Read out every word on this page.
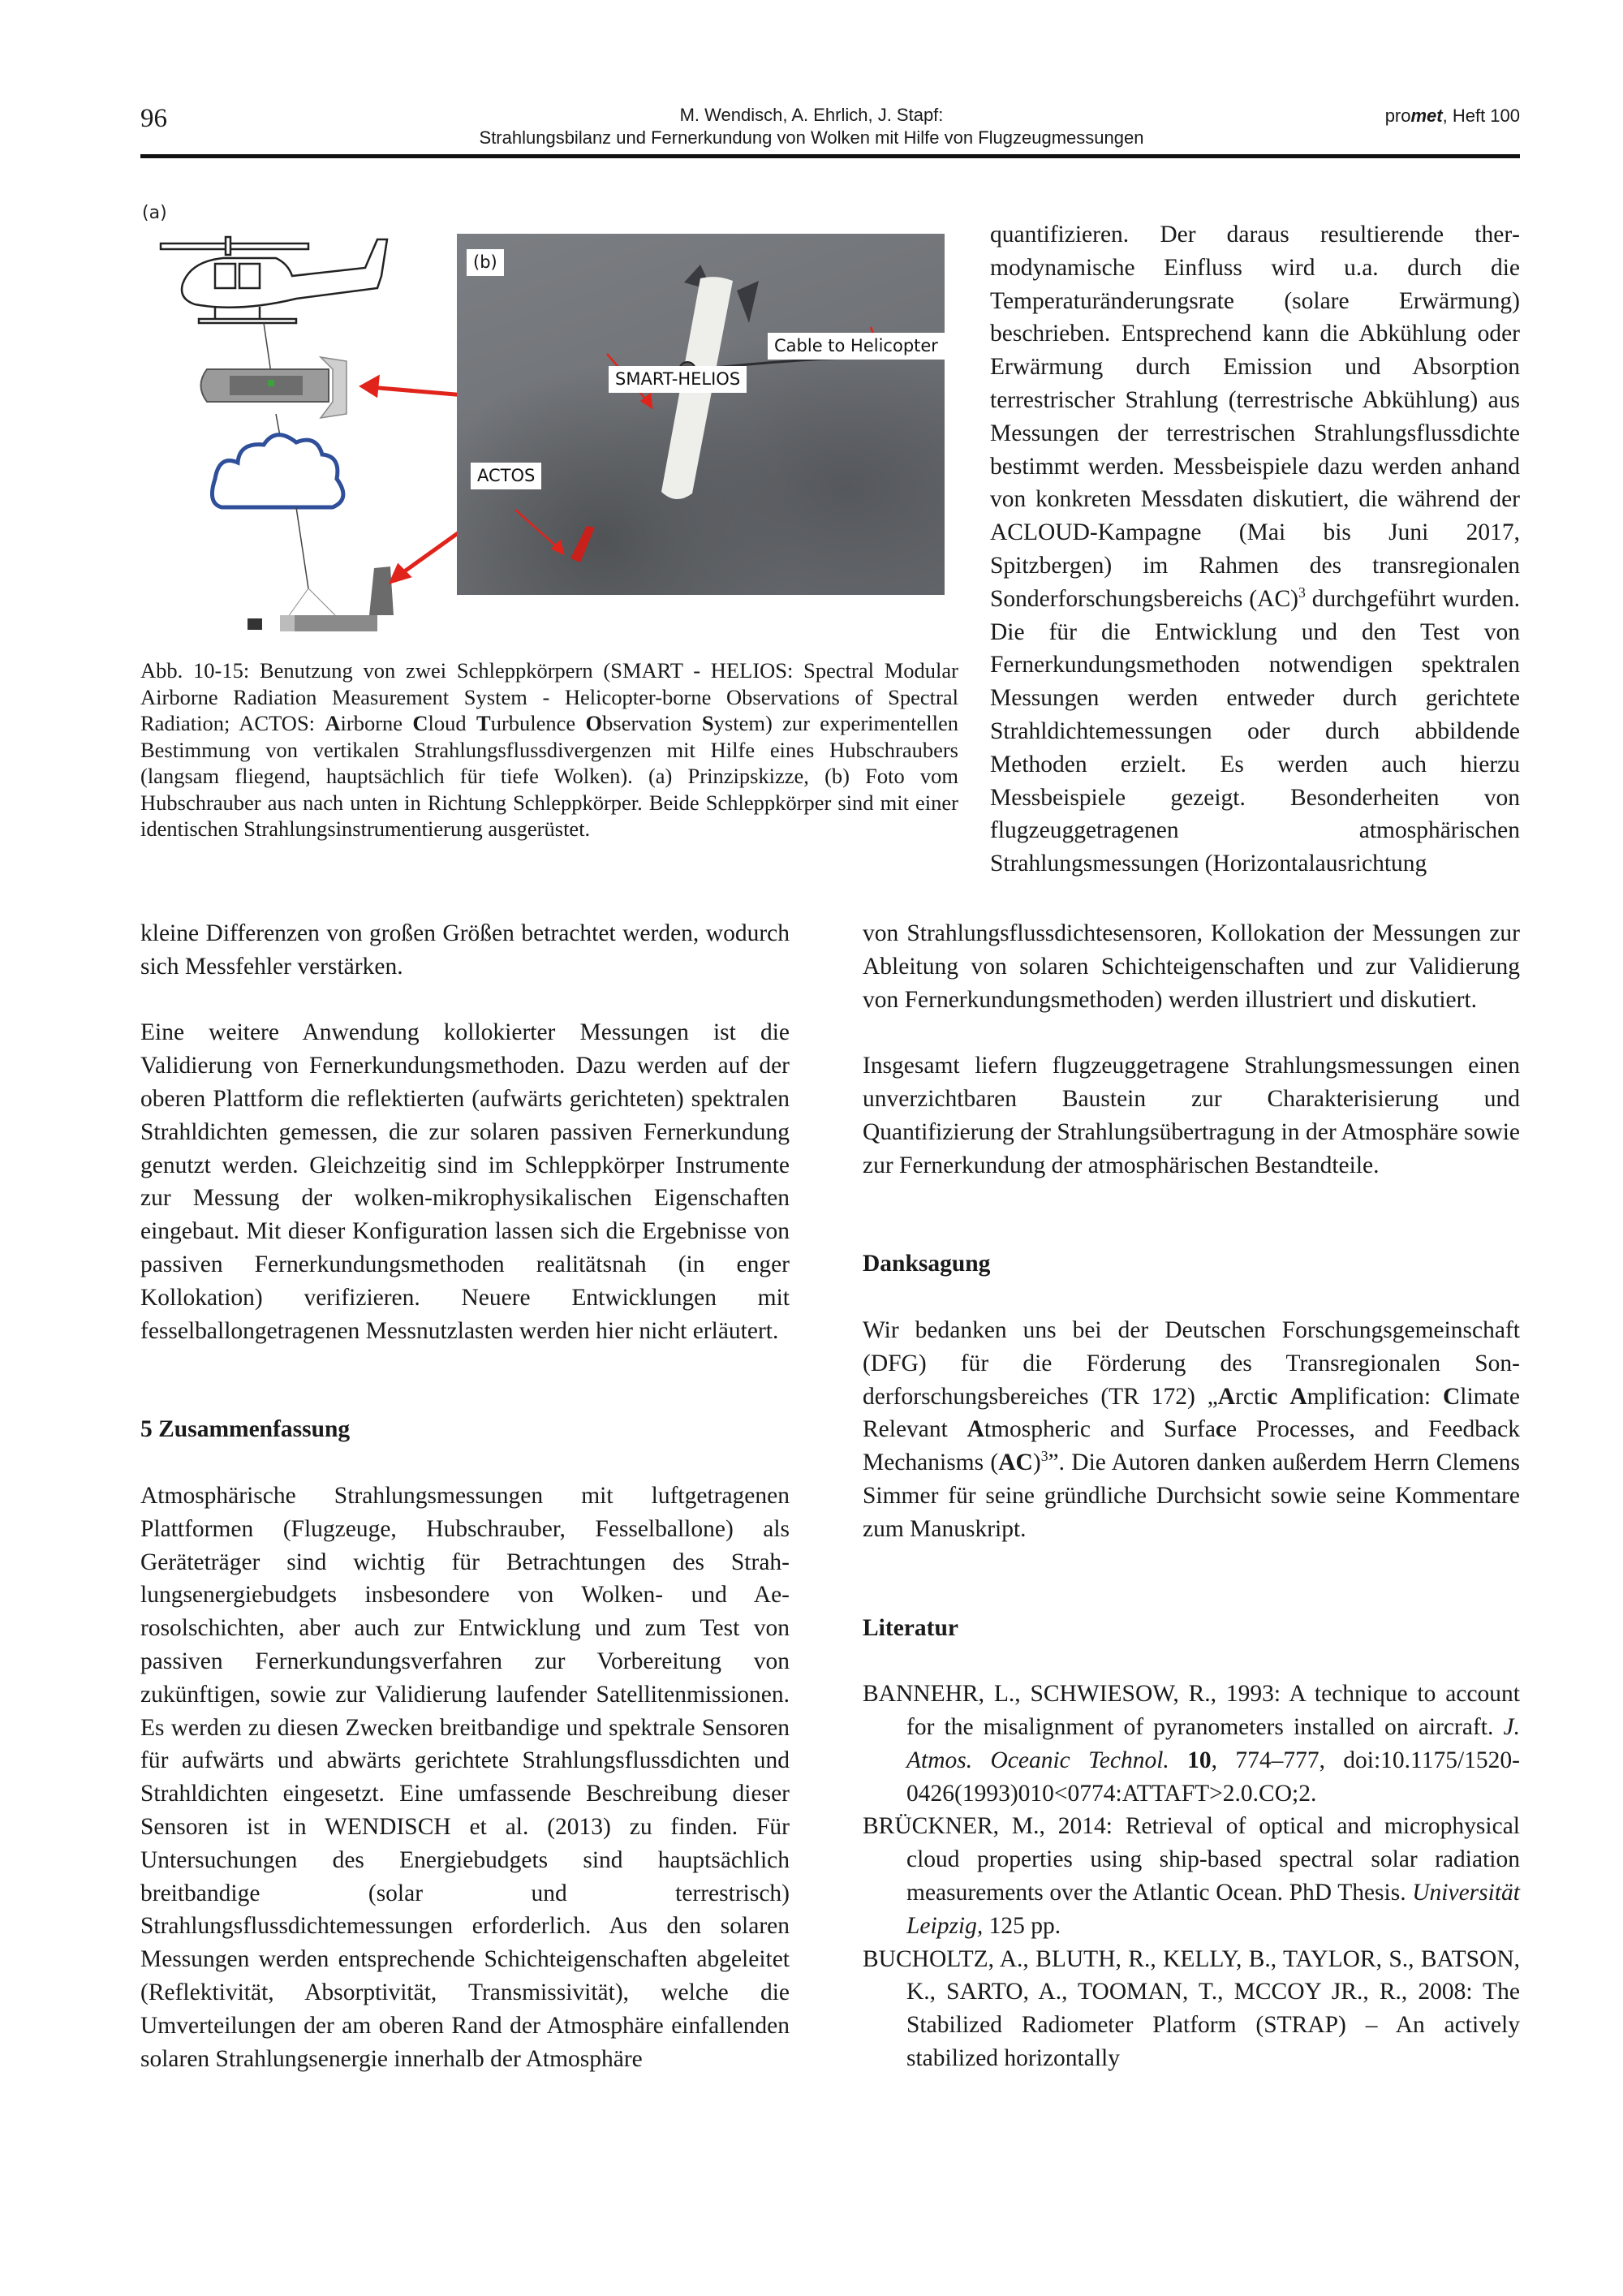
96	M. Wendisch, A. Ehrlich, J. Stapf:
Strahlungsbilanz und Fernerkundung von Wolken mit Hilfe von Flugzeugmessungen
promet, Heft 100
(a)
(b)
SMART-HELIOS
Cable to Helicopter
ACTOS
Abb. 10-15: Benutzung von zwei Schleppkörpern (SMART - HELIOS: Spectral Modular Airborne Radiation Measurement System - Helicopter-borne Observations of Spectral Radiation; ACTOS: Airborne Cloud Turbulence Observation System) zur experimentellen Bestimmung von vertikalen Strahlungsflussdivergenzen mit Hilfe eines Hubschraubers (langsam fliegend, hauptsächlich für tiefe Wolken). (a) Prinzipskizze, (b) Foto vom Hubschrauber aus nach unten in Richtung Schleppkörper. Beide Schleppkörper sind mit einer identischen Strahlungsinstrumentierung ausgerüstet.

kleine Differenzen von großen Größen betrachtet werden, wodurch sich Messfehler verstärken.

Eine weitere Anwendung kollokierter Messungen ist die Validierung von Fernerkundungsmethoden. Dazu werden auf der oberen Plattform die reflektierten (aufwärts gerichteten) spektralen Strahldichten gemessen, die zur solaren passiven Fernerkundung genutzt werden. Gleichzeitig sind im Schleppkörper Instrumente zur Messung der wolken-mikrophysikalischen Eigenschaften eingebaut. Mit dieser Konfiguration lassen sich die Ergebnisse von passiven Fernerkundungsmethoden realitätsnah (in enger Kollokation) verifizieren. Neuere Entwicklungen mit fesselballongetragenen Messnutzlasten werden hier nicht erläutert.

5 Zusammenfassung

Atmosphärische Strahlungsmessungen mit luftgetragenen Plattformen (Flugzeuge, Hubschrauber, Fesselballone) als Geräteträger sind wichtig für Betrachtungen des Strahlungsenergiebudgets insbesondere von Wolken- und Aerosolschichten, aber auch zur Entwicklung und zum Test von passiven Fernerkundungsverfahren zur Vorbereitung von zukünftigen, sowie zur Validierung laufender Satellitenmissionen. Es werden zu diesen Zwecken breitbandige und spektrale Sensoren für aufwärts und abwärts gerichtete Strahlungsflussdichten und Strahldichten eingesetzt. Eine umfassende Beschreibung dieser Sensoren ist in WENDISCH et al. (2013) zu finden. Für Untersuchungen des Energiebudgets sind hauptsächlich breitbandige (solar und terrestrisch) Strahlungsflussdichtemessungen erforderlich. Aus den solaren Messungen werden entsprechende Schichteigenschaften abgeleitet (Reflektivität, Absorptivität, Transmissivität), welche die Umverteilungen der am oberen Rand der Atmosphäre einfallenden solaren Strahlungsenergie innerhalb der Atmosphäre

quantifizieren. Der daraus resultierende thermodynamische Einfluss wird u.a. durch die Temperaturänderungsrate (solare Erwärmung) beschrieben. Entsprechend kann die Abkühlung oder Erwärmung durch Emission und Absorption terrestrischer Strahlung (terrestrische Abkühlung) aus Messungen der terrestrischen Strahlungsflussdichte bestimmt werden. Messbeispiele dazu werden anhand von konkreten Messdaten diskutiert, die während der ACLOUD-Kampagne (Mai bis Juni 2017, Spitzbergen) im Rahmen des transregionalen Sonderforschungsbereichs (AC)$^3$ durchgeführt wurden. Die für die Entwicklung und den Test von Fernerkundungsmethoden notwendigen spektralen Messungen werden entweder durch gerichtete Strahldichtemessungen oder durch abbildende Methoden erzielt. Es werden auch hierzu Messbeispiele gezeigt. Besonderheiten von flugzeuggetragenen atmosphärischen Strahlungsmessungen (Horizontalausrichtung

von Strahlungsflussdichtesensoren, Kollokation der Messungen zur Ableitung von solaren Schichteigenschaften und zur Validierung von Fernerkundungsmethoden) werden illustriert und diskutiert.

Insgesamt liefern flugzeuggetragene Strahlungsmessungen einen unverzichtbaren Baustein zur Charakterisierung und Quantifizierung der Strahlungsübertragung in der Atmosphäre sowie zur Fernerkundung der atmosphärischen Bestandteile.

Danksagung

Wir bedanken uns bei der Deutschen Forschungsgemeinschaft (DFG) für die Förderung des Transregionalen Sonderforschungsbereiches (TR 172) „Arctic Amplification: Climate Relevant Atmospheric and Surface Processes, and Feedback Mechanisms (AC)$^3$”. Die Autoren danken außerdem Herrn Clemens Simmer für seine gründliche Durchsicht sowie seine Kommentare zum Manuskript.

Literatur

BANNEHR, L., SCHWIESOW, R., 1993: A technique to account for the misalignment of pyranometers installed on aircraft. J. Atmos. Oceanic Technol. 10, 774–777, doi:10.1175/1520-0426(1993)010<0774:ATTAFT>2.0.CO;2.

BRÜCKNER, M., 2014: Retrieval of optical and microphysical cloud properties using ship-based spectral solar radiation measurements over the Atlantic Ocean. PhD Thesis. Universität Leipzig, 125 pp.

BUCHOLTZ, A., BLUTH, R., KELLY, B., TAYLOR, S., BATSON, K., SARTO, A., TOOMAN, T., MCCOY JR., R., 2008: The Stabilized Radiometer Platform (STRAP) – An actively stabilized horizontally
